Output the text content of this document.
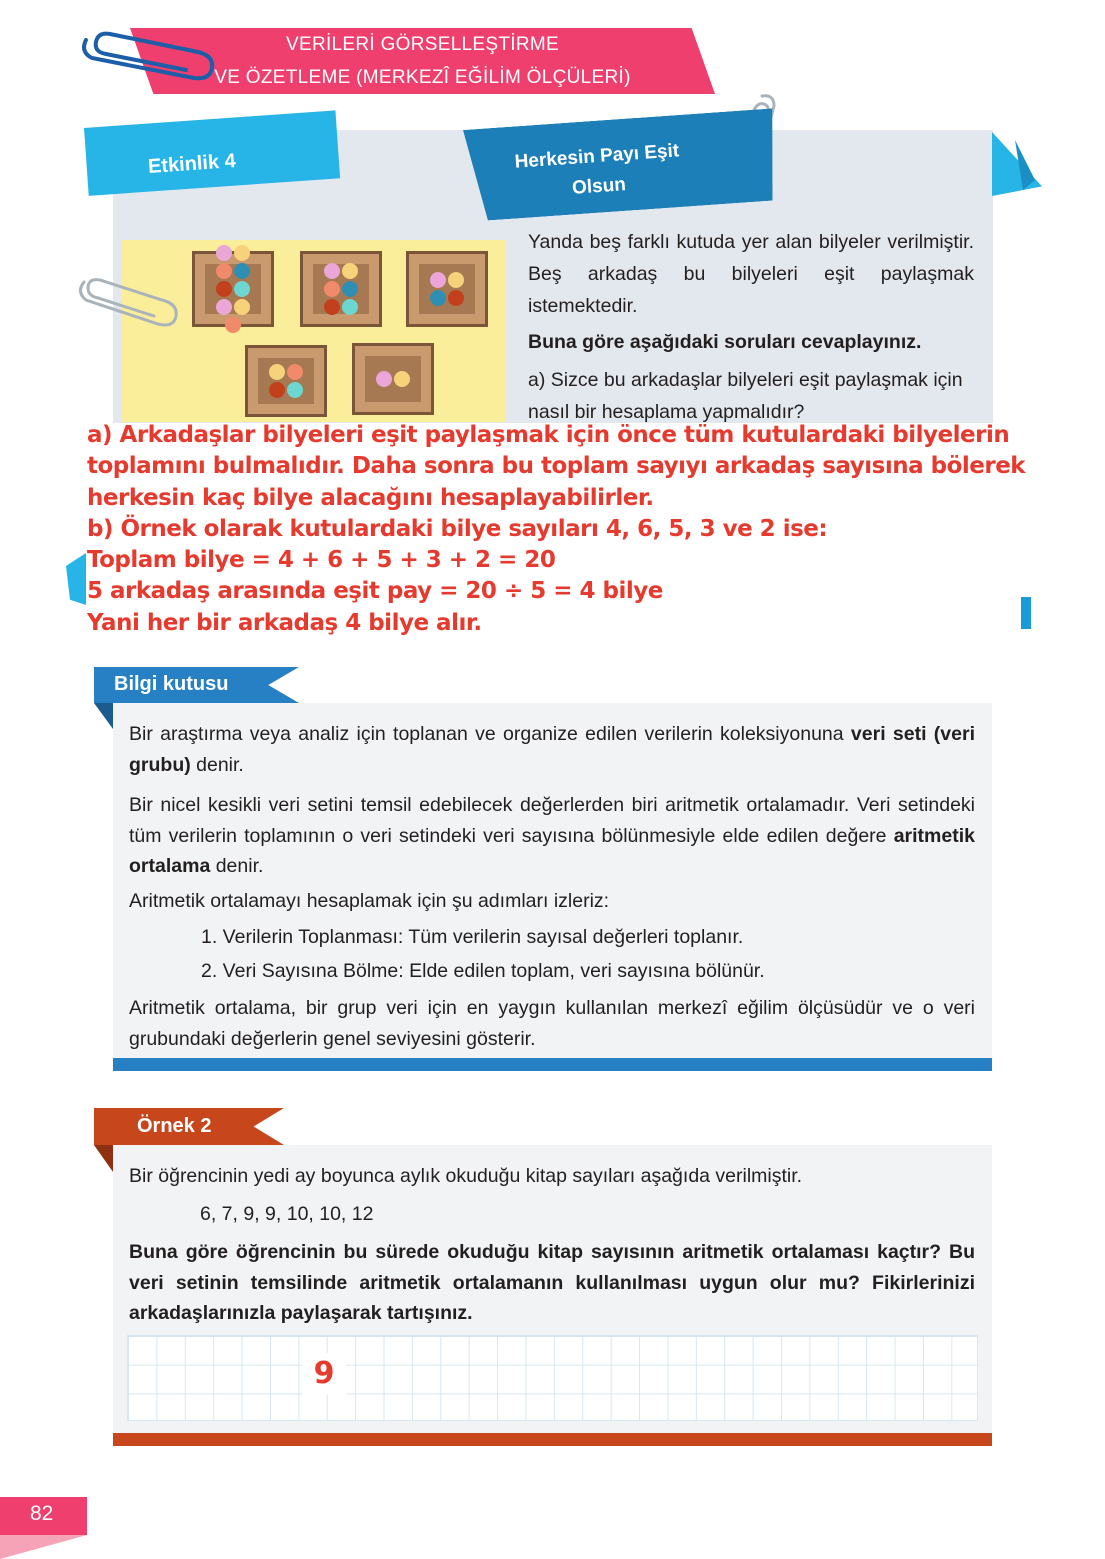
VERİLERİ GÖRSELLEŞTİRME
VE ÖZETLEME (MERKEZÎ EĞİLİM ÖLÇÜLERİ)
Etkinlik 4	Herkesin Payı Eşit
Olsun
Yanda beş farklı kutuda yer alan bilyeler verilmiştir. Beş arkadaş bu bilyeleri eşit paylaşmak istemektedir.
Buna göre aşağıdaki soruları cevaplayınız.
a) Sizce bu arkadaşlar bilyeleri eşit paylaşmak için nasıl bir hesaplama yapmalıdır?
a) Arkadaşlar bilyeleri eşit paylaşmak için önce tüm kutulardaki bilyelerin
toplamını bulmalıdır. Daha sonra bu toplam sayıyı arkadaş sayısına bölerek
herkesin kaç bilye alacağını hesaplayabilirler.
b) Örnek olarak kutulardaki bilye sayıları 4, 6, 5, 3 ve 2 ise:
Toplam bilye = 4 + 6 + 5 + 3 + 2 = 20
5 arkadaş arasında eşit pay = 20 ÷ 5 = 4 bilye
Yani her bir arkadaş 4 bilye alır.
Bilgi kutusu
Bir araştırma veya analiz için toplanan ve organize edilen verilerin koleksiyonuna veri seti (veri grubu) denir.
Bir nicel kesikli veri setini temsil edebilecek değerlerden biri aritmetik ortalamadır. Veri setindeki tüm verilerin toplamının o veri setindeki veri sayısına bölünmesiyle elde edilen değere aritmetik ortalama denir.
Aritmetik ortalamayı hesaplamak için şu adımları izleriz:
1. Verilerin Toplanması: Tüm verilerin sayısal değerleri toplanır.
2. Veri Sayısına Bölme: Elde edilen toplam, veri sayısına bölünür.
Aritmetik ortalama, bir grup veri için en yaygın kullanılan merkezî eğilim ölçüsüdür ve o veri grubundaki değerlerin genel seviyesini gösterir.
Örnek 2
Bir öğrencinin yedi ay boyunca aylık okuduğu kitap sayıları aşağıda verilmiştir.
6, 7, 9, 9, 10, 10, 12
Buna göre öğrencinin bu sürede okuduğu kitap sayısının aritmetik ortalaması kaçtır? Bu veri setinin temsilinde aritmetik ortalamanın kullanılması uygun olur mu? Fikirlerinizi arkadaşlarınızla paylaşarak tartışınız.
9
82
